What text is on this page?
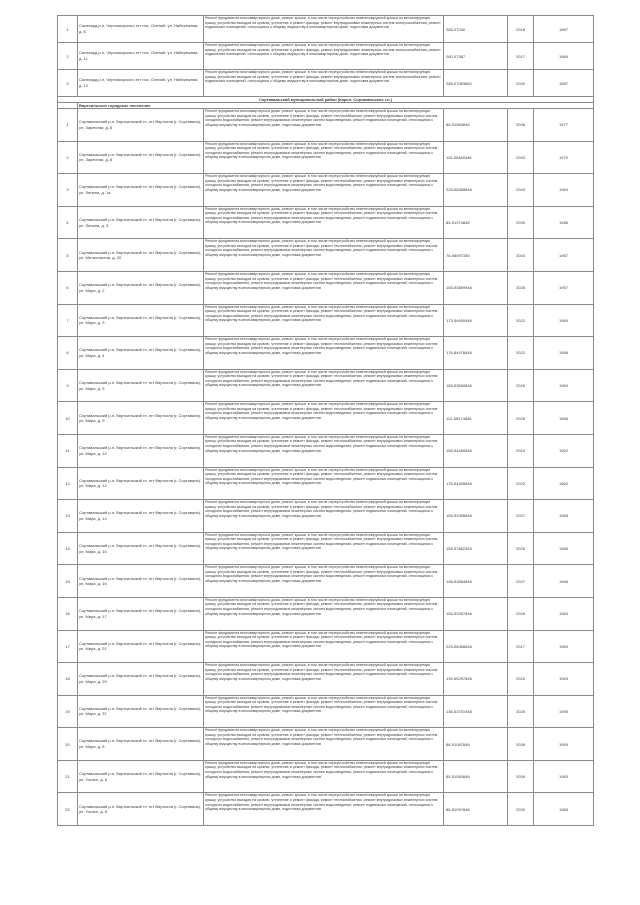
1	Салехард р-н, Черноморского пгт пос. Олений, ул. Набережная, д. 8	Ремонт фундамента многоквартирного дома, ремонт крыши, в том числе переустройство невентилируемой крыши на вентилируемую крышу, устройство выходов на кровлю, утепление и ремонт фасада, ремонт внутридомовых инженерных систем электроснабжения, ремонт подвальных помещений, относящихся к общему имуществу в многоквартирном доме, подготовка документов	285-07040	2018	1967
2	Салехард р-н, Черноморского пгт пос. Олений, ул. Набережная, д. 11	Ремонт фундамента многоквартирного дома, ремонт крыши, в том числе переустройство невентилируемой крыши на вентилируемую крышу, устройство выходов на кровлю, утепление и ремонт фасада, ремонт внутридомовых инженерных систем электроснабжения, ремонт подвальных помещений, относящихся к общему имуществу в многоквартирном доме, подготовка документов	280-07387	2017	1989
3	Салехард р-н, Черноморского пгт пос. Олений, ул. Набережная, д. 12	Ремонт фундамента многоквартирного дома, ремонт крыши, в том числе переустройство невентилируемой крыши на вентилируемую крышу, устройство выходов на кровлю, утепление и ремонт фасада, ремонт внутридомовых инженерных систем электроснабжения, ремонт подвальных помещений, относящихся к общему имуществу в многоквартирном доме, подготовка документов	285-07083862	2040	1987
Сортавальский муниципальный район (Карел. Сортавальское г.п.)					
	Вяртсильское городское поселение				
1	Сортавальский р-н, Вяртсильский гп, пгт Вяртсиля (г. Сортавала), ул. Заречная, д. 8	Ремонт фундамента многоквартирного дома, ремонт крыши, в том числе переустройство невентилируемой крыши на вентилируемую крышу, устройство выходов на кровлю, утепление и ремонт фасада, ремонт теплоснабжения, ремонт внутридомовых инженерных систем холодного водоснабжения, ремонт внутридомовых инженерных систем водоотведения, ремонт подвальных помещений, относящихся к общему имуществу в многоквартирном доме, подготовка документов	86-91984846	2038	1977
2	Сортавальский р-н, Вяртсильский гп, пгт Вяртсиля (г. Сортавала), ул. Заречная, д. 8	Ремонт фундамента многоквартирного дома, ремонт крыши, в том числе переустройство невентилируемой крыши на вентилируемую крышу, устройство выходов на кровлю, утепление и ремонт фасада, ремонт теплоснабжения, ремонт внутридомовых инженерных систем холодного водоснабжения, ремонт внутридомовых инженерных систем водоотведения, ремонт подвальных помещений, относящихся к общему имуществу в многоквартирном доме, подготовка документов	115-50489348	2033	1970
3	Сортавальский р-н, Вяртсильский гп, пгт Вяртсиля (г. Сортавала), ул. Ленина, д. 1а	Ремонт фундамента многоквартирного дома, ремонт крыши, в том числе переустройство невентилируемой крыши на вентилируемую крышу, устройство выходов на кровлю, утепление и ремонт фасада, ремонт теплоснабжения, ремонт внутридомовых инженерных систем холодного водоснабжения, ремонт внутридомовых инженерных систем водоотведения, ремонт подвальных помещений, относящихся к общему имуществу в многоквартирном доме, подготовка документов	225-58368846	2043	1964
4	Сортавальский р-н, Вяртсильский гп, пгт Вяртсиля (г. Сортавала), ул. Ленина, д. 3	Ремонт фундамента многоквартирного дома, ремонт крыши, в том числе переустройство невентилируемой крыши на вентилируемую крышу, устройство выходов на кровлю, утепление и ремонт фасада, ремонт теплоснабжения, ремонт внутридомовых инженерных систем холодного водоснабжения, ремонт внутридомовых инженерных систем водоотведения, ремонт подвальных помещений, относящихся к общему имуществу в многоквартирном доме, подготовка документов	85-51374848	2030	1986
5	Сортавальский р-н, Вяртсильский гп, пгт Вяртсиля (г. Сортавала), ул. Металлистов, д. 20	Ремонт фундамента многоквартирного дома, ремонт крыши, в том числе переустройство невентилируемой крыши на вентилируемую крышу, устройство выходов на кровлю, утепление и ремонт фасада, ремонт теплоснабжения, ремонт внутридомовых инженерных систем холодного водоснабжения, ремонт внутридомовых инженерных систем водоотведения, ремонт подвальных помещений, относящихся к общему имуществу в многоквартирном доме, подготовка документов	76-58097335	2043	1987
6	Сортавальский р-н, Вяртсильский гп, пгт Вяртсиля (г. Сортавала), ул. Мира, д. 2	Ремонт фундамента многоквартирного дома, ремонт крыши, в том числе переустройство невентилируемой крыши на вентилируемую крышу, устройство выходов на кровлю, утепление и ремонт фасада, ремонт теплоснабжения, ремонт внутридомовых инженерных систем холодного водоснабжения, ремонт внутридомовых инженерных систем водоотведения, ремонт подвальных помещений, относящихся к общему имуществу в многоквартирном доме, подготовка документов	165-53859946	2026	1957
7	Сортавальский р-н, Вяртсильский гп, пгт Вяртсиля (г. Сортавала), ул. Мира, д. 3	Ремонт фундамента многоквартирного дома, ремонт крыши, в том числе переустройство невентилируемой крыши на вентилируемую крышу, устройство выходов на кровлю, утепление и ремонт фасада, ремонт теплоснабжения, ремонт внутридомовых инженерных систем холодного водоснабжения, ремонт внутридомовых инженерных систем водоотведения, ремонт подвальных помещений, относящихся к общему имуществу в многоквартирном доме, подготовка документов	173-54650946	2022	1960
8	Сортавальский р-н, Вяртсильский гп, пгт Вяртсиля (г. Сортавала), ул. Мира, д. 4	Ремонт фундамента многоквартирного дома, ремонт крыши, в том числе переустройство невентилируемой крыши на вентилируемую крышу, устройство выходов на кровлю, утепление и ремонт фасада, ремонт теплоснабжения, ремонт внутридомовых инженерных систем холодного водоснабжения, ремонт внутридомовых инженерных систем водоотведения, ремонт подвальных помещений, относящихся к общему имуществу в многоквартирном доме, подготовка документов	176-84476846	2022	1956
9	Сортавальский р-н, Вяртсильский гп, пгт Вяртсиля (г. Сортавала), ул. Мира, д. 5	Ремонт фундамента многоквартирного дома, ремонт крыши, в том числе переустройство невентилируемой крыши на вентилируемую крышу, устройство выходов на кровлю, утепление и ремонт фасада, ремонт теплоснабжения, ремонт внутридомовых инженерных систем холодного водоснабжения, ремонт внутридомовых инженерных систем водоотведения, ремонт подвальных помещений, относящихся к общему имуществу в многоквартирном доме, подготовка документов	165-53650846	2026	1960
10	Сортавальский р-н, Вяртсильский гп, пгт Вяртсиля (г. Сортавала), ул. Мира, д. 9	Ремонт фундамента многоквартирного дома, ремонт крыши, в том числе переустройство невентилируемой крыши на вентилируемую крышу, устройство выходов на кровлю, утепление и ремонт фасада, ремонт теплоснабжения, ремонт внутридомовых инженерных систем холодного водоснабжения, ремонт внутридомовых инженерных систем водоотведения, ремонт подвальных помещений, относящихся к общему имуществу в многоквартирном доме, подготовка документов	112-55374846	2026	1966
11	Сортавальский р-н, Вяртсильский гп, пгт Вяртсиля (г. Сортавала), ул. Мира, д. 10	Ремонт фундамента многоквартирного дома, ремонт крыши, в том числе переустройство невентилируемой крыши на вентилируемую крышу, устройство выходов на кровлю, утепление и ремонт фасада, ремонт теплоснабжения, ремонт внутридомовых инженерных систем холодного водоснабжения, ремонт внутридомовых инженерных систем водоотведения, ремонт подвальных помещений, относящихся к общему имуществу в многоквартирном доме, подготовка документов	156-54480846	2024	1962
12	Сортавальский р-н, Вяртсильский гп, пгт Вяртсиля (г. Сортавала), ул. Мира, д. 12	Ремонт фундамента многоквартирного дома, ремонт крыши, в том числе переустройство невентилируемой крыши на вентилируемую крышу, устройство выходов на кровлю, утепление и ремонт фасада, ремонт теплоснабжения, ремонт внутридомовых инженерных систем холодного водоснабжения, ремонт внутридомовых инженерных систем водоотведения, ремонт подвальных помещений, относящихся к общему имуществу в многоквартирном доме, подготовка документов	176-54406846	2022	1962
13	Сортавальский р-н, Вяртсильский гп, пгт Вяртсиля (г. Сортавала), ул. Мира, д. 14	Ремонт фундамента многоквартирного дома, ремонт крыши, в том числе переустройство невентилируемой крыши на вентилируемую крышу, устройство выходов на кровлю, утепление и ремонт фасада, ремонт теплоснабжения, ремонт внутридомовых инженерных систем холодного водоснабжения, ремонт внутридомовых инженерных систем водоотведения, ремонт подвальных помещений, относящихся к общему имуществу в многоквартирном доме, подготовка документов	155-53396846	2027	1965
14	Сортавальский р-н, Вяртсильский гп, пгт Вяртсиля (г. Сортавала), ул. Мира, д. 15	Ремонт фундамента многоквартирного дома, ремонт крыши, в том числе переустройство невентилируемой крыши на вентилируемую крышу, устройство выходов на кровлю, утепление и ремонт фасада, ремонт теплоснабжения, ремонт внутридомовых инженерных систем холодного водоснабжения, ремонт внутридомовых инженерных систем водоотведения, ремонт подвальных помещений, относящихся к общему имуществу в многоквартирном доме, подготовка документов	155-57862343	2025	1966
15	Сортавальский р-н, Вяртсильский гп, пгт Вяртсиля (г. Сортавала), ул. Мира, д. 16	Ремонт фундамента многоквартирного дома, ремонт крыши, в том числе переустройство невентилируемой крыши на вентилируемую крышу, устройство выходов на кровлю, утепление и ремонт фасада, ремонт теплоснабжения, ремонт внутридомовых инженерных систем холодного водоснабжения, ремонт внутридомовых инженерных систем водоотведения, ремонт подвальных помещений, относящихся к общему имуществу в многоквартирном доме, подготовка документов	198-53884846	2027	1966
16	Сортавальский р-н, Вяртсильский гп, пгт Вяртсиля (г. Сортавала), ул. Мира, д. 17	Ремонт фундамента многоквартирного дома, ремонт крыши, в том числе переустройство невентилируемой крыши на вентилируемую крышу, устройство выходов на кровлю, утепление и ремонт фасада, ремонт теплоснабжения, ремонт внутридомовых инженерных систем холодного водоснабжения, ремонт внутридомовых инженерных систем водоотведения, ремонт подвальных помещений, относящихся к общему имуществу в многоквартирном доме, подготовка документов	156-53397846	2026	1963
17	Сортавальский р-н, Вяртсильский гп, пгт Вяртсиля (г. Сортавала), ул. Мира, д. 21	Ремонт фундамента многоквартирного дома, ремонт крыши, в том числе переустройство невентилируемой крыши на вентилируемую крышу, устройство выходов на кровлю, утепление и ремонт фасада, ремонт теплоснабжения, ремонт внутридомовых инженерных систем холодного водоснабжения, ремонт внутридомовых инженерных систем водоотведения, ремонт подвальных помещений, относящихся к общему имуществу в многоквартирном доме, подготовка документов	225-58368846	2017	1960
18	Сортавальский р-н, Вяртсильский гп, пгт Вяртсиля (г. Сортавала), ул. Мира, д. 29	Ремонт фундамента многоквартирного дома, ремонт крыши, в том числе переустройство невентилируемой крыши на вентилируемую крышу, устройство выходов на кровлю, утепление и ремонт фасада, ремонт теплоснабжения, ремонт внутридомовых инженерных систем холодного водоснабжения, ремонт внутридомовых инженерных систем водоотведения, ремонт подвальных помещений, относящихся к общему имуществу в многоквартирном доме, подготовка документов	139-55297846	2020	1963
19	Сортавальский р-н, Вяртсильский гп, пгт Вяртсиля (г. Сортавала), ул. Мира, д. 37	Ремонт фундамента многоквартирного дома, ремонт крыши, в том числе переустройство невентилируемой крыши на вентилируемую крышу, устройство выходов на кровлю, утепление и ремонт фасада, ремонт теплоснабжения, ремонт внутридомовых инженерных систем холодного водоснабжения, ремонт внутридомовых инженерных систем водоотведения, ремонт подвальных помещений, относящихся к общему имуществу в многоквартирном доме, подготовка документов	136-53751948	2025	1959
20	Сортавальский р-н, Вяртсильский гп, пгт Вяртсиля (г. Сортавала), ул. Мира, д. 8	Ремонт фундамента многоквартирного дома, ремонт крыши, в том числе переустройство невентилируемой крыши на вентилируемую крышу, устройство выходов на кровлю, утепление и ремонт фасада, ремонт теплоснабжения, ремонт внутридомовых инженерных систем холодного водоснабжения, ремонт внутридомовых инженерных систем водоотведения, ремонт подвальных помещений, относящихся к общему имуществу в многоквартирном доме, подготовка документов	86-51087848	2038	1959
21	Сортавальский р-н, Вяртсильский гп, пгт Вяртсиля (г. Сортавала), ул. Угольн, д. 8	Ремонт фундамента многоквартирного дома, ремонт крыши, в том числе переустройство невентилируемой крыши на вентилируемую крышу, устройство выходов на кровлю, утепление и ремонт фасада, ремонт теплоснабжения, ремонт внутридомовых инженерных систем холодного водоснабжения, ремонт внутридомовых инженерных систем водоотведения, ремонт подвальных помещений, относящихся к общему имуществу в многоквартирном доме, подготовка документов	85-51083848	2039	1963
22	Сортавальский р-н, Вяртсильский гп, пгт Вяртсиля (г. Сортавала), ул. Угольн, д. 8	Ремонт фундамента многоквартирного дома, ремонт крыши, в том числе переустройство невентилируемой крыши на вентилируемую крышу, устройство выходов на кровлю, утепление и ремонт фасада, ремонт теплоснабжения, ремонт внутридомовых инженерных систем холодного водоснабжения, ремонт внутридомовых инженерных систем водоотведения, ремонт подвальных помещений, относящихся к общему имуществу в многоквартирном доме, подготовка документов	86-51097848	2030	1983
